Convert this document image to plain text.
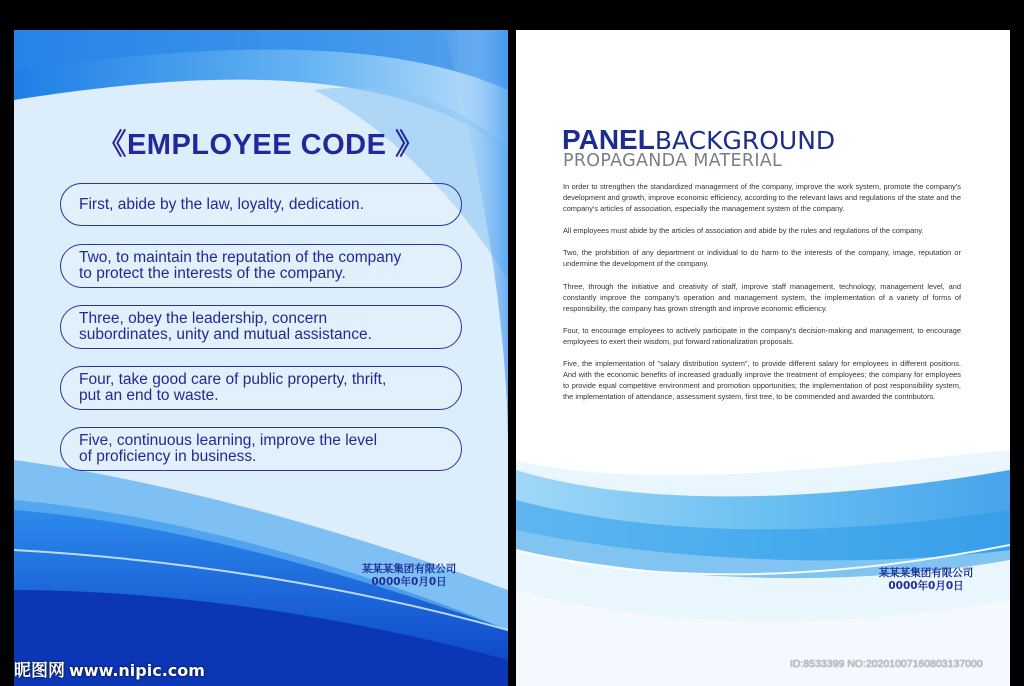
《EMPLOYEE CODE 》
First, abide by the law, loyalty, dedication.
Two, to maintain the reputation of the company
to protect the interests of the company.
Three, obey the leadership, concern
subordinates, unity and mutual assistance.
Four, take good care of public property, thrift,
put an end to waste.
Five, continuous learning, improve the level
of proficiency in business.
某某某集团有限公司
0000年0月0日
PANELBACKGROUND
PROPAGANDA MATERIAL

In order to strengthen the standardized management of the company, improve the work system, promote the company's development and growth, improve economic efficiency, according to the relevant laws and regulations of the state and the company's articles of association, especially the management system of the company.

All employees must abide by the articles of association and abide by the rules and regulations of the company.

Two, the prohibition of any department or individual to do harm to the interests of the company, image, reputation or undermine the development of the company.

Three, through the initiative and creativity of staff, improve staff management, technology, management level, and constantly improve the company's operation and management system, the implementation of a variety of forms of responsibility, the company has grown strength and improve economic efficiency.

Four, to encourage employees to actively participate in the company's decision-making and management, to encourage employees to exert their wisdom, put forward rationalization proposals.

Five, the implementation of "salary distribution system", to provide different salary for employees in different positions. And with the economic benefits of increased gradually improve the treatment of employees; the company for employees to provide equal competitive environment and promotion opportunities; the implementation of post responsibility system, the implementation of attendance, assessment system, first tree, to be commended and awarded the contributors.

某某某集团有限公司
0000年0月0日
昵图网 www.nipic.com	ID:8533399 NO:20201007160803137000
